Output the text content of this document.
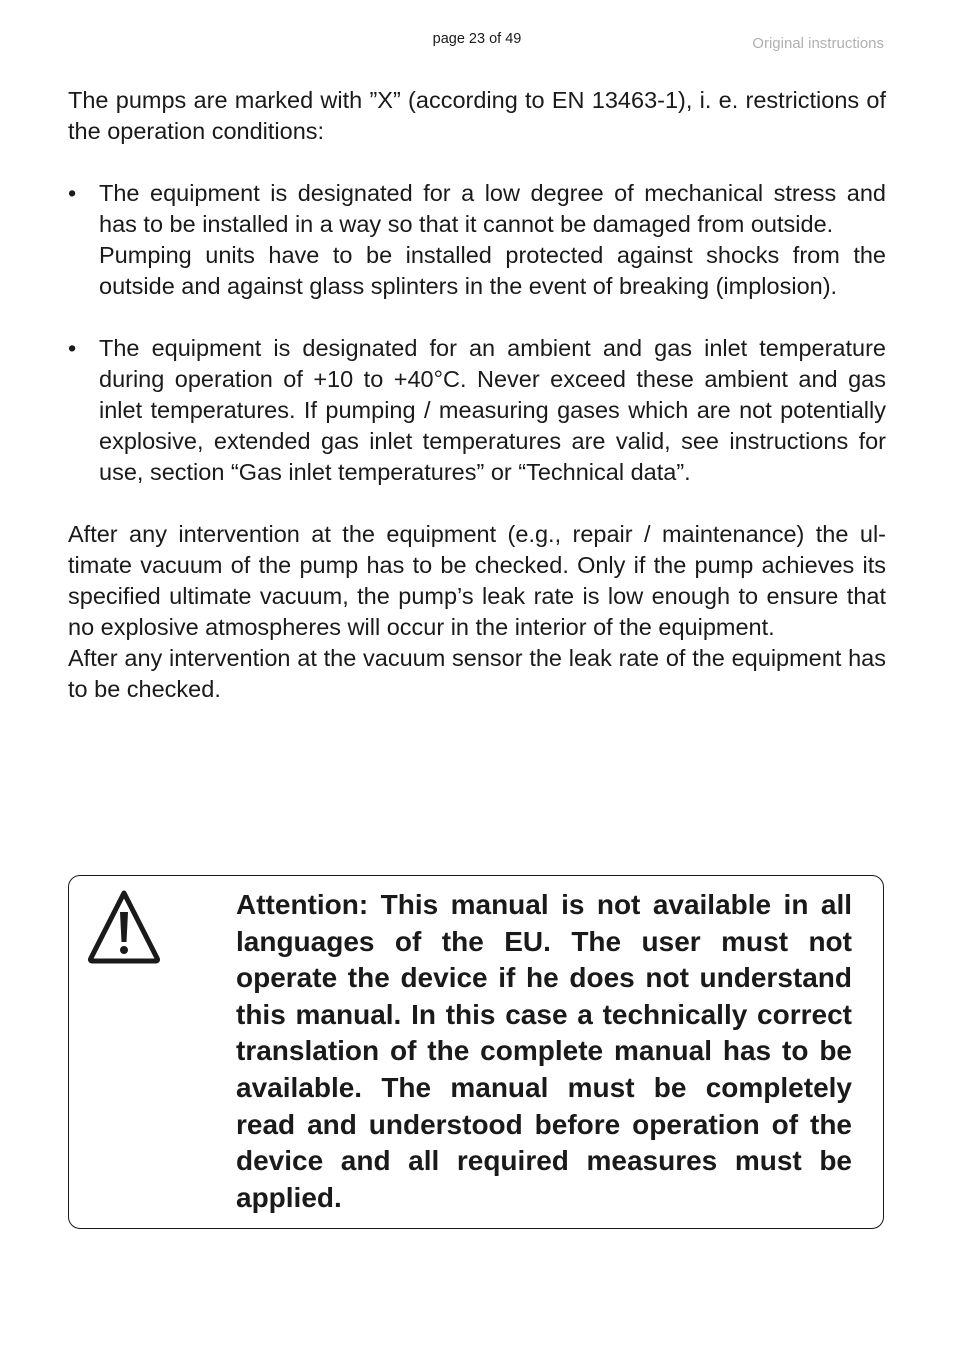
page 23 of 49	Original instructions

The pumps are marked with ”X” (according to EN 13463-1), i. e. restrictions of the operation conditions:

• The equipment is designated for a low degree of mechanical stress and has to be installed in a way so that it cannot be damaged from outside.

Pumping units have to be installed protected against shocks from the outside and against glass splinters in the event of breaking (implosion).

• The equipment is designated for an ambient and gas inlet temperature during operation of +10 to +40°C. Never exceed these ambient and gas inlet temperatures. If pumping / measuring gases which are not potentially explosive, extended gas inlet temperatures are valid, see instructions for use, section “Gas inlet temperatures” or “Technical data”.

After any intervention at the equipment (e.g., repair / maintenance) the ultimate vacuum of the pump has to be checked. Only if the pump achieves its specified ultimate vacuum, the pump’s leak rate is low enough to ensure that no explosive atmospheres will occur in the interior of the equipment.

After any intervention at the vacuum sensor the leak rate of the equipment has to be checked.

Attention: This manual is not available in all languages of the EU. The user must not operate the device if he does not understand this manual. In this case a technically correct translation of the complete manual has to be available. The manual must be completely read and understood before operation of the device and all required measures must be applied.
